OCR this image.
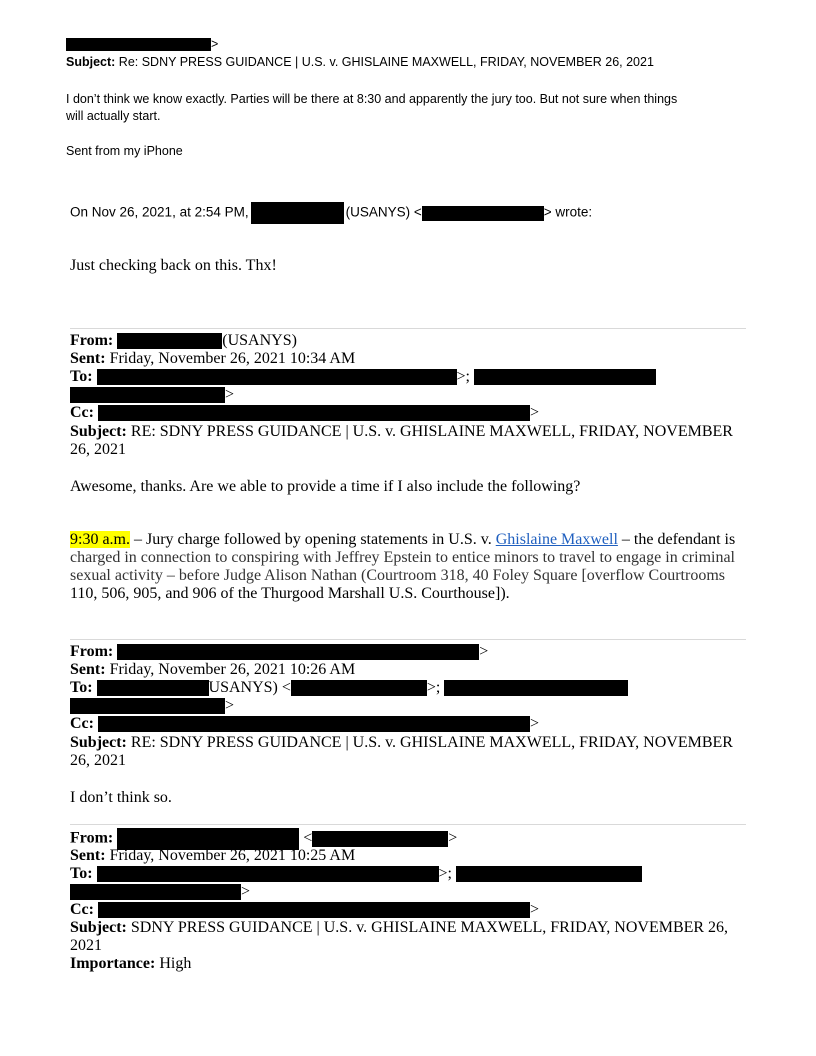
>
Subject: Re: SDNY PRESS GUIDANCE | U.S. v. GHISLAINE MAXWELL, FRIDAY, NOVEMBER 26, 2021
I don’t think we know exactly. Parties will be there at 8:30 and apparently the jury too. But not sure when things
will actually start.
Sent from my iPhone
On Nov 26, 2021, at 2:54 PM,	(USANYS) <	> wrote:
Just checking back on this. Thx!
From:	(USANYS)
Sent: Friday, November 26, 2021 10:34 AM
To:	>;
>
Cc:	>
Subject: RE: SDNY PRESS GUIDANCE | U.S. v. GHISLAINE MAXWELL, FRIDAY, NOVEMBER
26, 2021
Awesome, thanks. Are we able to provide a time if I also include the following?
9:30 a.m. – Jury charge followed by opening statements in U.S. v. Ghislaine Maxwell – the defendant is
charged in connection to conspiring with Jeffrey Epstein to entice minors to travel to engage in criminal
sexual activity – before Judge Alison Nathan (Courtroom 318, 40 Foley Square [overflow Courtrooms
110, 506, 905, and 906 of the Thurgood Marshall U.S. Courthouse]).
From:	>
Sent: Friday, November 26, 2021 10:26 AM
To:	USANYS) <	>;
>
Cc:	>
Subject: RE: SDNY PRESS GUIDANCE | U.S. v. GHISLAINE MAXWELL, FRIDAY, NOVEMBER
26, 2021
I don’t think so.
From:	<	>
Sent: Friday, November 26, 2021 10:25 AM
To:	>;
>
Cc:	>
Subject: SDNY PRESS GUIDANCE | U.S. v. GHISLAINE MAXWELL, FRIDAY, NOVEMBER 26,
2021
Importance: High
